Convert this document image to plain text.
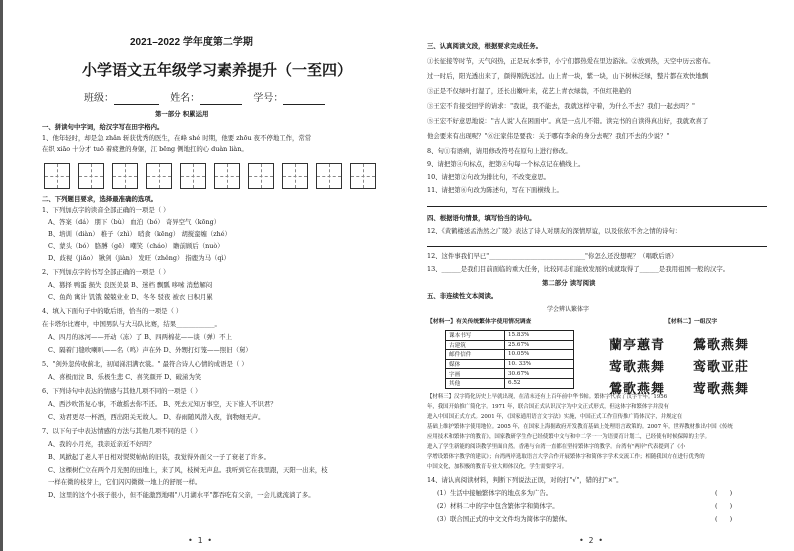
2021–2022 学年度第二学期
小学语文五年级学习素养提升（一至四）
班级：	姓名：	学号：
第一部分 积累运用
一、拼读句中字词，给汉字写在田字格内。
1、他年轻时，却是急 zhǎn 斩获优秀的医生，在峰 shé 时期，他要 zhōu 夜不停地工作，常常
在织 xiāo 十分才 tuō 着疲惫的身躯，江 bēng 侧地扛的心 duàn liàn。
二、下列题目要求，选择最准确的选项。
1、下列加点字的读音全部正确的一项是（ ）
A、答案（dá） 朋下（bù） 血泊（bó） 奇异空气（kōng）
B、培训（diàn） 稚子（zhì） 哨食（kēng） 胡搅蛮缠（zhé）
C、蒙头（bó） 胳膊（gē） 嘲笑（cháo） 瞻前顾后（nuò）
D、歧视（jiǎo） 锹剑（jiàn） 发旺（zhěng） 指鹿为马（qì）
2、下列加点字的书写全部正确的一项是（ ）
A、篡择 鸭蛋 损失 良医美景 B、迷档 飘瓢 哆嗦 消愁解闷
C、鱼尚 寓计 饥饿 兢兢业业 D、冬冬 驳夜 被衣 日积月累
4、填入下面句子中的歇后语，恰当的一项是（ ）
在卡塔尔比赛中，中国男队与大马队比赛，结果____________。
A、四月的冰河——开动（冻）了 B、四两棉花——谈（弹）不上
C、隔着门缝吹喇叭——名（鸣）声在外 D、外甥打灯笼——照旧（舅）
5、"剑外忽传收蓟北，初闻涕泪满衣裳。" 最符合诗人心情的成语是（ ）
A、喜极而泣 B、乐极生悲 C、喜笑颜开 D、破涕为笑
6、下列诗句中表达的情感与其他几项不同的一项是（ ）
A、西沙吹笛复心事，不敢摇去你不还。 B、死去元知万事空，天下谁人不识君？
C、劝君更尽一杯酒，西出阳关无故人。 D、春雨随风潜入夜，润物细无声。
7、以下句子中表达情感的方法与其他几项不同的是（ ）
A、我的小月亮，我亲近亲近不好吗？
B、风掀起了老人平日相对熨熨帖帖的旧装，我觉得外面父一子了衰老了许多。
C、这棵树伫立在两个月光照的田地上，来了风，枝树无声息。我听到它在我里跟，天阳一出来，枝
一样在微的枝芽上，它们闪闪微微一地上的舒展一样。
D、这里的这个小孩子很小，但不能激烈地唱"八月湖水平"都吞吃有父亲，一会儿就流淌了多。
• 1 •
三、认真阅读文段，根据要求完成任务。
①长征接等时节，天气闷热，正是玩水季节，小宁们都热爱在里边游泳。②放到热，天空中历云密布。
过一时后，阳光透出来了，颜得刚洗远过。山上青一块，紫一块，山下树林泛绿，整片都在欢快地飘
③正是不仅绿叶打湿了，还长出嫩叶来，花艺上青衣绿翁，不但红艳艳的
③王宏不肯接受回学的请求："我说，我不能去，我就这样守着，为什么不去？我们一起去吗？"
⑤王宏不好意思地说："古人说'人在困面中'。真是一点儿不错。读完书的自读得真出好，我就欢喜了
他会要来有出现呢？"⑥汪家伟是要我：关于哪有李余的身分去呢？我们不去的少说？"
8、句①有语病，请用修改符号在原句上进行修改。
9、请把第④句标点，把第④句每一个标点记在横线上。
10、请把第②句改为排比句，不改变意思。
11、请把第⑥句改为陈述句，写在下面横线上。
四、根据语句情景，填写恰当的诗句。
12、《黄鹤楼送孟浩然之广陵》表达了诗人对朋友的深情厚谊，以及依依不舍之情的诗句：
12、这件事我们早已"______________________________"你怎么还没想呢？（唱歌后语）
13、______是我们目前面临的重大任务，比较同志们能放发展的成就取得了______是我用祖国一般的汉字。
第二部分 读写阅读
五、非连续性文本阅读。
学会辨认繁体字
【材料一】有关传统繁体字使用情况调查	【材料二】一组汉字
课本书写	15.83%
古建筑	25.67%
邮件信件	10.05%
媒体	10. 33%
字画	30.67%
其他	6.52
蘭亭蕙青 鶯歌燕舞
莺歌燕舞 鸾歌亚莊
鶯歌燕舞 莺歌燕舞
【材料三】汉字简化历史上早就出现，在清末还有上百年前中华书帖。繁体字代表了汉字千年。1956
年，我国开始推广简化字。1971 年，联合国正式认识汉字为中文正式形式，但这体字和繁体字并没有
进入中国国正式方式。2001 年，《国家通用语言文字法》实施，中国正式工作宣传推广简体汉字，并规定在
基础上维护繁体字使用地位。2005 年，在国家上海据政府开发教育基础上处理语言政策的。2007 年，世界教材推出中国《传统
应用技术和繁体字的教育》，国家教研学生作已经使繁中文与和中二学一一为语要育计划二，已经使有时候保障的主学。
进入了学生新能的阅读教学里面自然。香港与台湾一直都在坚持繁体字的教学。台湾有"两岸"代表提到了《小
学增设繁体字教学的建议》；台湾两岸选取语言大学合作开展繁体字和简体字学术交流工作；相随我国方在进行优秀的
中国文化，加积极的教育专业大师体汉化，学生需要学习。
14、请认真阅读材料，判断下列说法正误，对的打"√"，错的打"×"。
(1）生活中接触繁体字的地点多为广告。	(      )
(2）材料二中的字中包含繁体字和简体字。	(      )
(3）联合国正式的中文文件均为简体字的繁体。	(      )
• 2 •
